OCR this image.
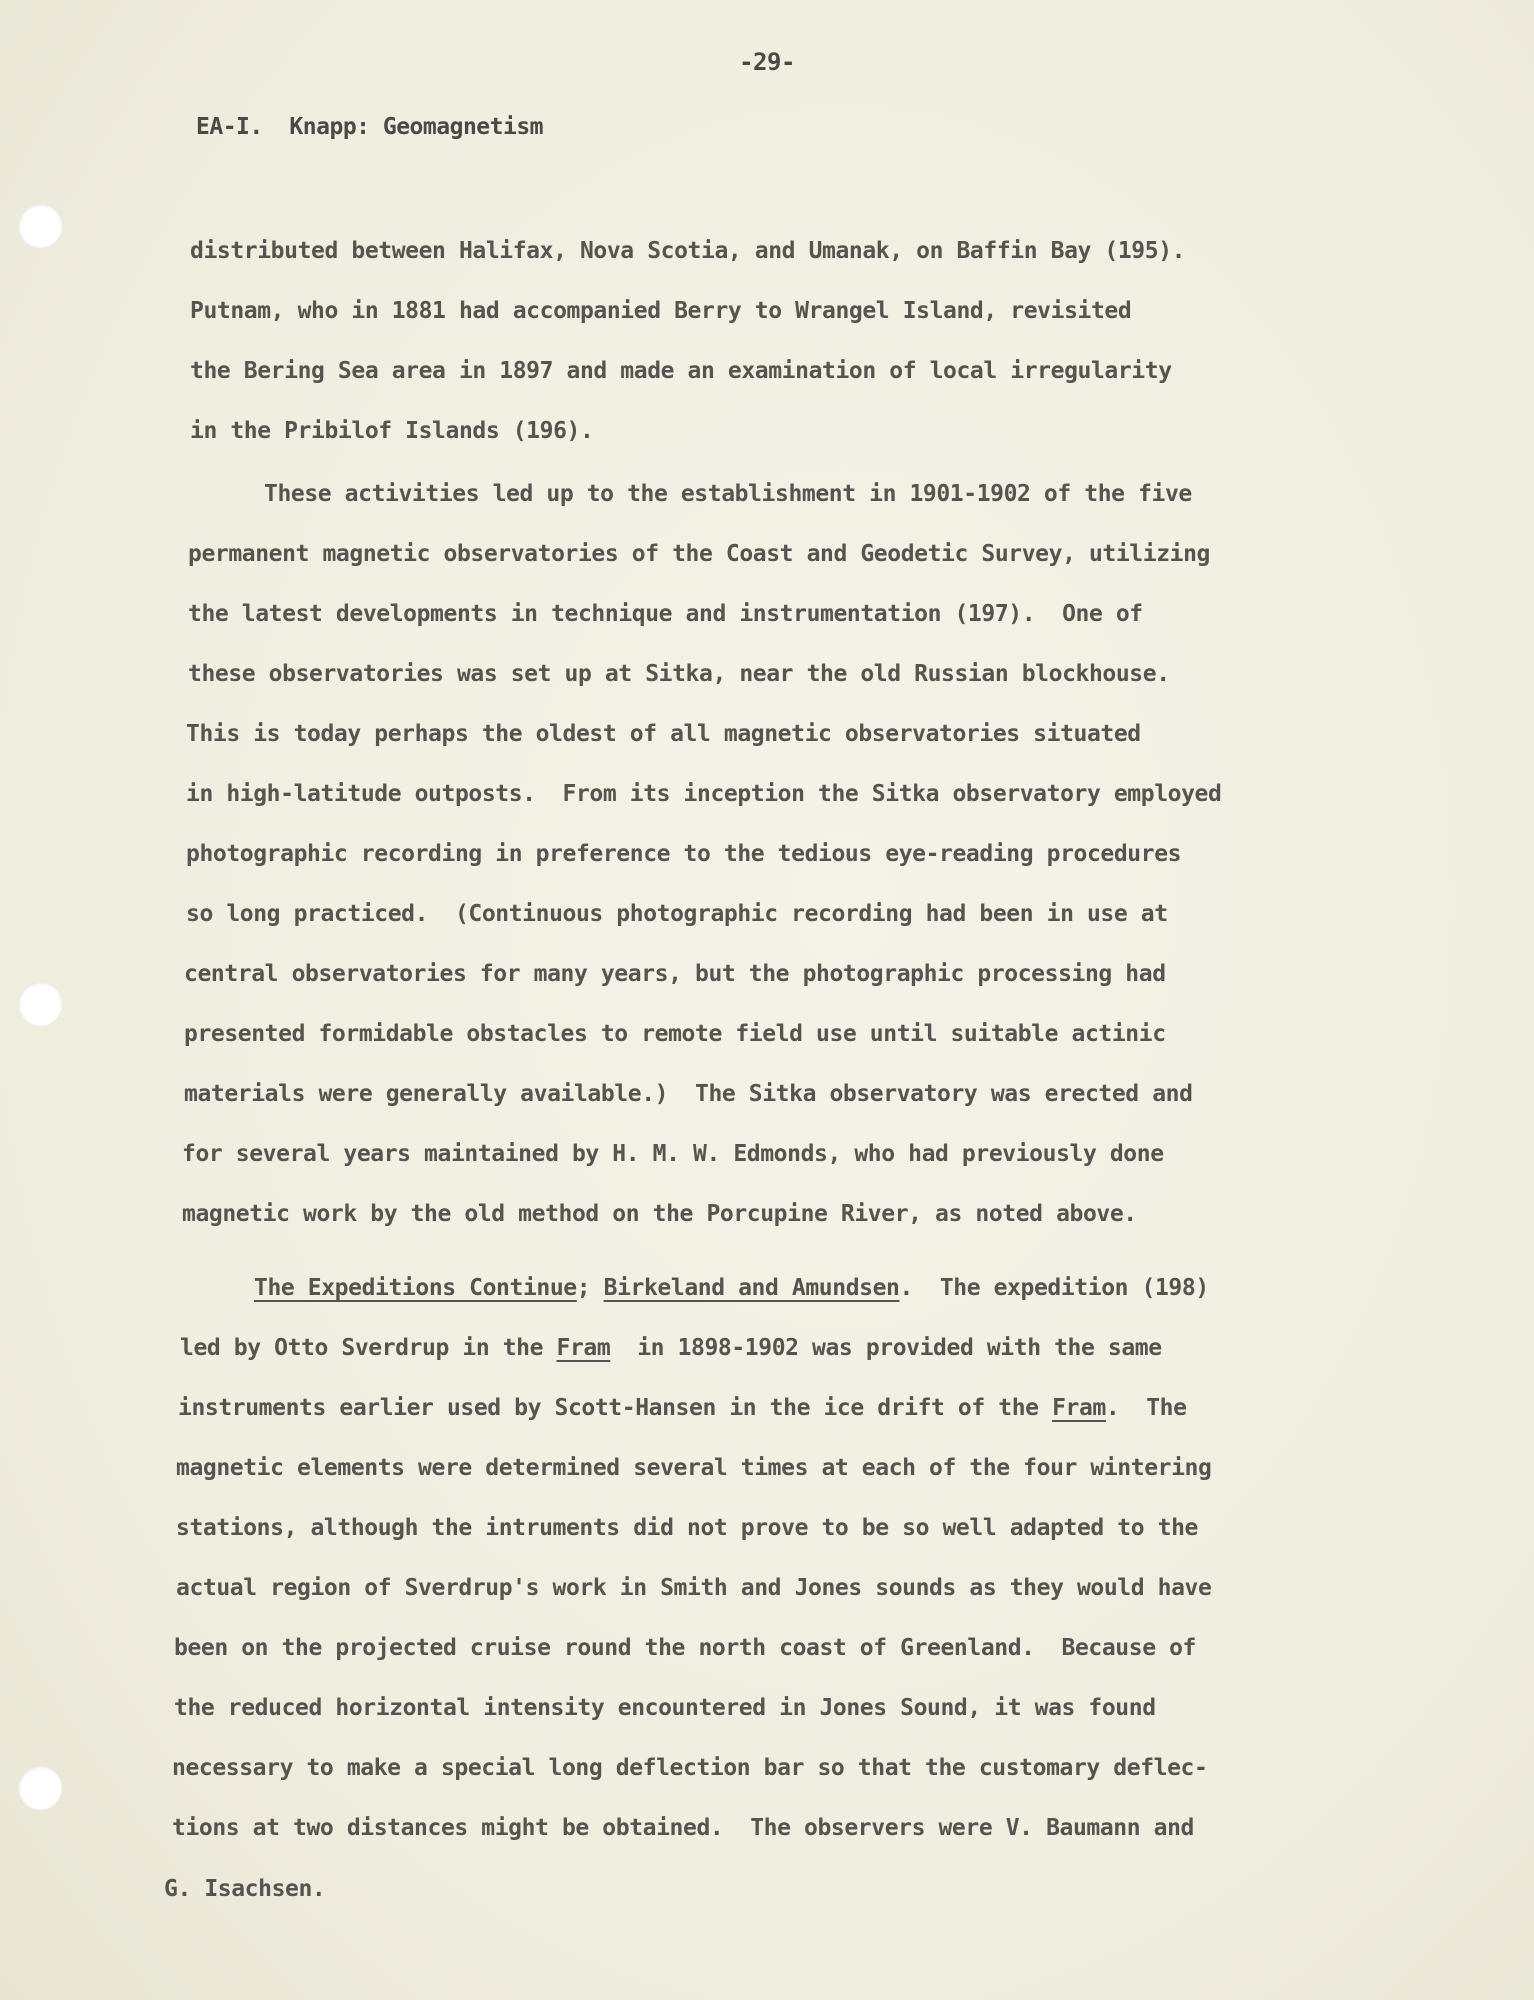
-29-
EA-I.  Knapp: Geomagnetism
distributed between Halifax, Nova Scotia, and Umanak, on Baffin Bay (195).
Putnam, who in 1881 had accompanied Berry to Wrangel Island, revisited
the Bering Sea area in 1897 and made an examination of local irregularity
in the Pribilof Islands (196).
These activities led up to the establishment in 1901-1902 of the five
permanent magnetic observatories of the Coast and Geodetic Survey, utilizing
the latest developments in technique and instrumentation (197).  One of
these observatories was set up at Sitka, near the old Russian blockhouse.
This is today perhaps the oldest of all magnetic observatories situated
in high-latitude outposts.  From its inception the Sitka observatory employed
photographic recording in preference to the tedious eye-reading procedures
so long practiced.  (Continuous photographic recording had been in use at
central observatories for many years, but the photographic processing had
presented formidable obstacles to remote field use until suitable actinic
materials were generally available.)  The Sitka observatory was erected and
for several years maintained by H. M. W. Edmonds, who had previously done
magnetic work by the old method on the Porcupine River, as noted above.
The Expeditions Continue; Birkeland and Amundsen.  The expedition (198)
led by Otto Sverdrup in the Fram  in 1898-1902 was provided with the same
instruments earlier used by Scott-Hansen in the ice drift of the Fram.  The
magnetic elements were determined several times at each of the four wintering
stations, although the intruments did not prove to be so well adapted to the
actual region of Sverdrup's work in Smith and Jones sounds as they would have
been on the projected cruise round the north coast of Greenland.  Because of
the reduced horizontal intensity encountered in Jones Sound, it was found
necessary to make a special long deflection bar so that the customary deflec-
tions at two distances might be obtained.  The observers were V. Baumann and
G. Isachsen.
